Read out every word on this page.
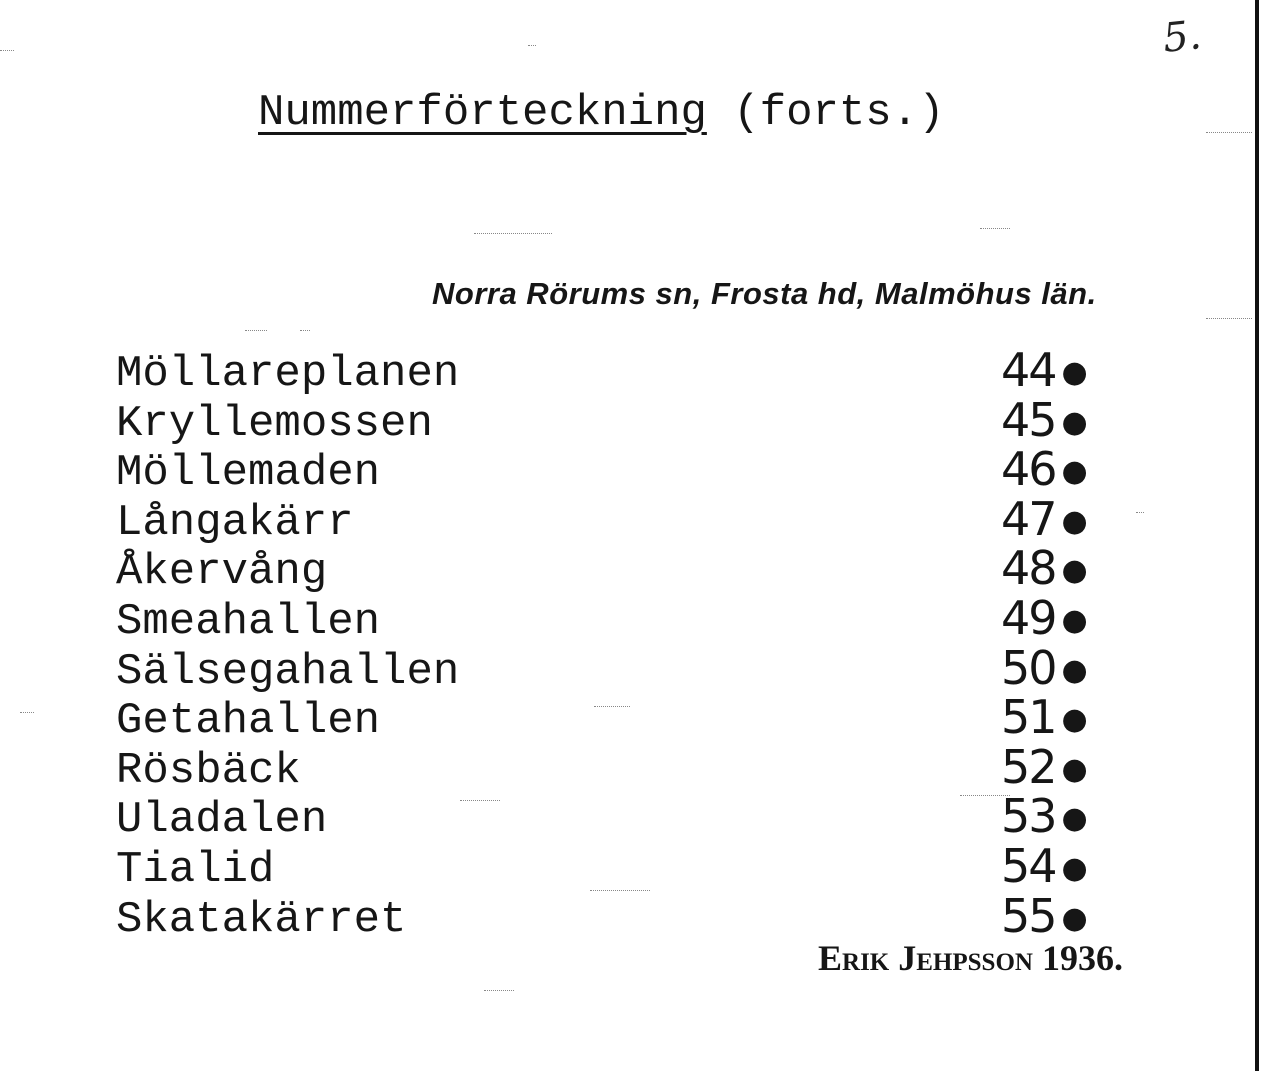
5.
Nummerförteckning (forts.)
Norra Rörums sn, Frosta hd, Malmöhus län.
Möllareplanen	44 ●
Kryllemossen	45 ●
Möllemaden	46 ●
Långakärr	47 ●
Åkervång	48 ●
Smeahallen	49 ●
Sälsegahallen	50 ●
Getahallen	51 ●
Rösbäck	52 ●
Uladalen	53 ●
Tialid	54 ●
Skatakärret	55 ●
Erik Jehpsson 1936.
